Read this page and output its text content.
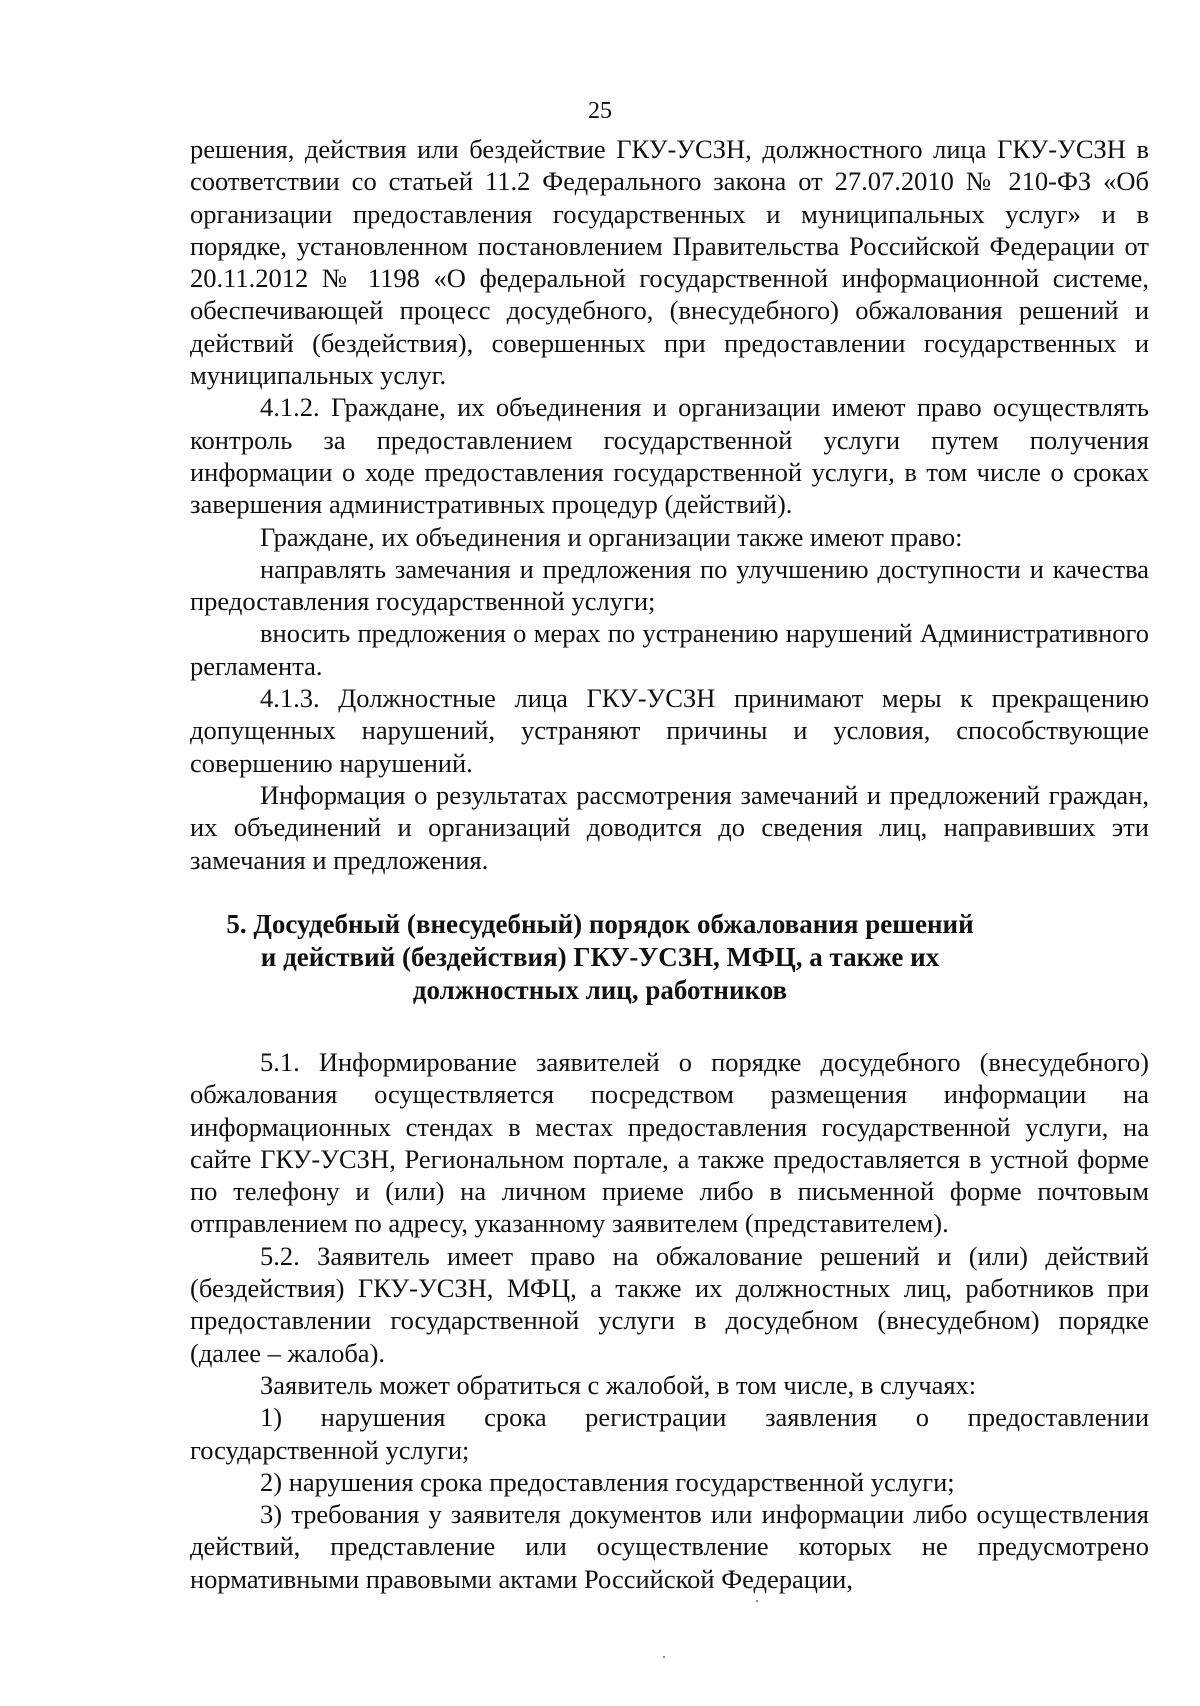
25

решения, действия или бездействие ГКУ-УСЗН, должностного лица ГКУ-УСЗН в соответствии со статьей 11.2 Федерального закона от 27.07.2010 № 210-ФЗ «Об организации предоставления государственных и муниципальных услуг» и в порядке, установленном постановлением Правительства Российской Федерации от 20.11.2012 № 1198 «О федеральной государственной информационной системе, обеспечивающей процесс досудебного, (внесудебного) обжалования решений и действий (бездействия), совершенных при предоставлении государственных и муниципальных услуг.

4.1.2. Граждане, их объединения и организации имеют право осуществлять контроль за предоставлением государственной услуги путем получения информации о ходе предоставления государственной услуги, в том числе о сроках завершения административных процедур (действий).

Граждане, их объединения и организации также имеют право:

направлять замечания и предложения по улучшению доступности и качества предоставления государственной услуги;

вносить предложения о мерах по устранению нарушений Административного регламента.

4.1.3. Должностные лица ГКУ-УСЗН принимают меры к прекращению допущенных нарушений, устраняют причины и условия, способствующие совершению нарушений.

Информация о результатах рассмотрения замечаний и предложений граждан, их объединений и организаций доводится до сведения лиц, направивших эти замечания и предложения.

5. Досудебный (внесудебный) порядок обжалования решений
и действий (бездействия) ГКУ-УСЗН, МФЦ, а также их
должностных лиц, работников

5.1. Информирование заявителей о порядке досудебного (внесудебного) обжалования осуществляется посредством размещения информации на информационных стендах в местах предоставления государственной услуги, на сайте ГКУ-УСЗН, Региональном портале, а также предоставляется в устной форме по телефону и (или) на личном приеме либо в письменной форме почтовым отправлением по адресу, указанному заявителем (представителем).

5.2. Заявитель имеет право на обжалование решений и (или) действий (бездействия) ГКУ-УСЗН, МФЦ, а также их должностных лиц, работников при предоставлении государственной услуги в досудебном (внесудебном) порядке (далее – жалоба).

Заявитель может обратиться с жалобой, в том числе, в случаях:

1) нарушения срока регистрации заявления о предоставлении государственной услуги;

2) нарушения срока предоставления государственной услуги;

3) требования у заявителя документов или информации либо осуществления действий, представление или осуществление которых не предусмотрено нормативными правовыми актами Российской Федерации,
